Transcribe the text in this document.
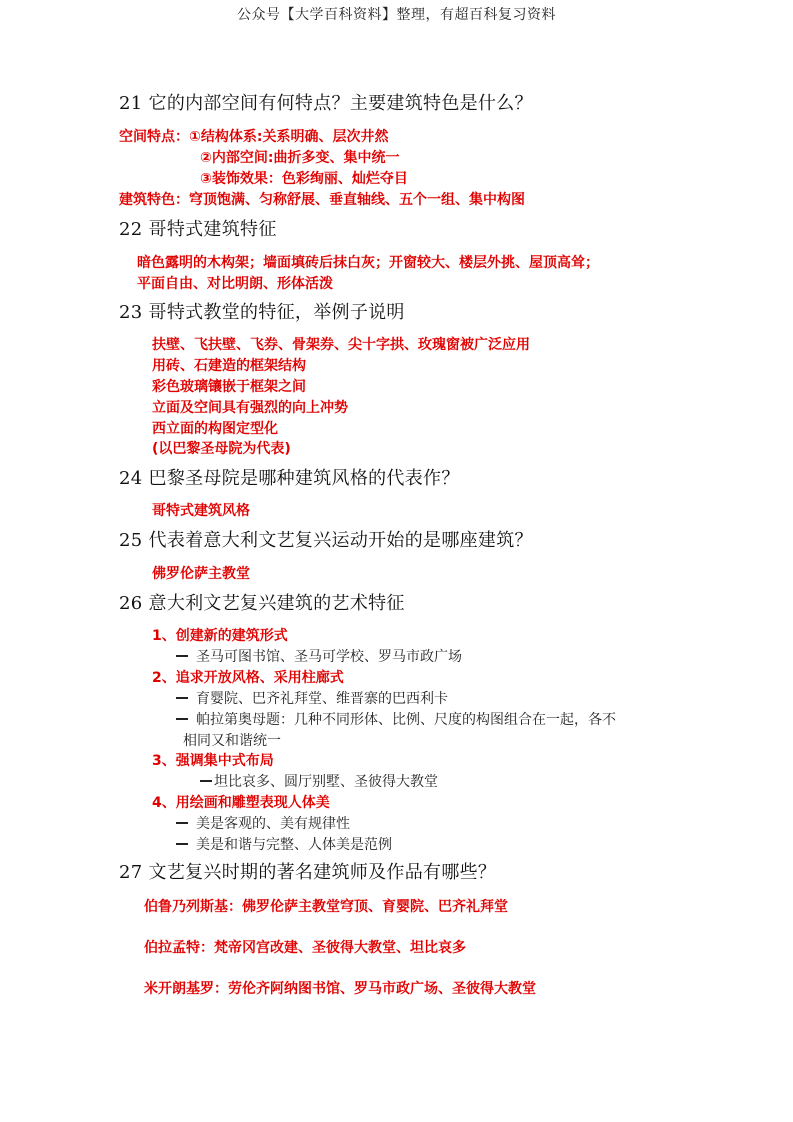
公众号【大学百科资料】整理，有超百科复习资料
21 它的内部空间有何特点？主要建筑特色是什么？
空间特点：①结构体系:关系明确、层次井然
②内部空间:曲折多变、集中统一
③装饰效果：色彩绚丽、灿烂夺目
建筑特色：穹顶饱满、匀称舒展、垂直轴线、五个一组、集中构图
22 哥特式建筑特征
暗色露明的木构架；墙面填砖后抹白灰；开窗较大、楼层外挑、屋顶高耸；
平面自由、对比明朗、形体活泼
23 哥特式教堂的特征，举例子说明
扶壁、飞扶壁、飞券、骨架券、尖十字拱、玫瑰窗被广泛应用
用砖、石建造的框架结构
彩色玻璃镶嵌于框架之间
立面及空间具有强烈的向上冲势
西立面的构图定型化
(以巴黎圣母院为代表)
24 巴黎圣母院是哪种建筑风格的代表作？
哥特式建筑风格
25 代表着意大利文艺复兴运动开始的是哪座建筑？
佛罗伦萨主教堂
26 意大利文艺复兴建筑的艺术特征
1、创建新的建筑形式
圣马可图书馆、圣马可学校、罗马市政广场
2、追求开放风格、采用柱廊式
育婴院、巴齐礼拜堂、维晋寨的巴西利卡
帕拉第奥母题：几种不同形体、比例、尺度的构图组合在一起，各不
相同又和谐统一
3、强调集中式布局
坦比哀多、圆厅别墅、圣彼得大教堂
4、用绘画和雕塑表现人体美
美是客观的、美有规律性
美是和谐与完整、人体美是范例
27 文艺复兴时期的著名建筑师及作品有哪些？
伯鲁乃列斯基：佛罗伦萨主教堂穹顶、育婴院、巴齐礼拜堂
伯拉孟特：梵帝冈宫改建、圣彼得大教堂、坦比哀多
米开朗基罗：劳伦齐阿纳图书馆、罗马市政广场、圣彼得大教堂
